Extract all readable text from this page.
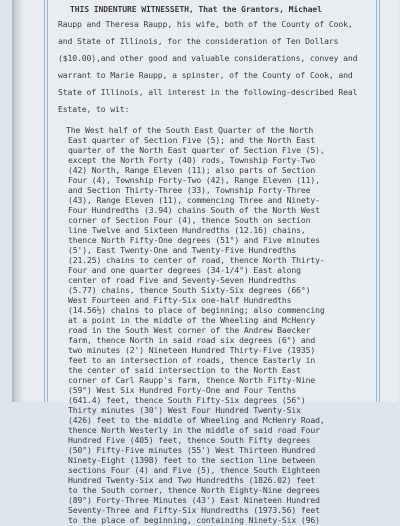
THIS INDENTURE WITNESSETH, That the Grantors, Michael
Raupp and Theresa Raupp, his wife, both of the County of Cook,
and State of Illinois, for the consideration of Ten Dollars
($10.00),and other good and valuable considerations, convey and
warrant to Marie Raupp, a spinster, of the County of Cook, and
State of Illinois, all interest in the following-described Real
Estate, to wit:
The West half of the South East Quarter of the North
East quarter of Section Five (5); and the North East
quarter of the North East quarter of Section Five (5),
except the North Forty (40) rods, Township Forty-Two
(42) North, Range Eleven (11); also parts of Section
Four (4), Township Forty-Two (42), Range Eleven (11),
and Section Thirty-Three (33), Township Forty-Three
(43), Range Eleven (11), commencing Three and Ninety-
Four Hundredths (3.94) chains South of the North West
corner of Section Four (4), thence South on section
line Twelve and Sixteen Hundredths (12.16) chains,
thence North Fifty-One degrees (51°) and Five minutes
(5'), East Twenty-One and Twenty-Five Hundredths
(21.25) chains to center of road, thence North Thirty-
Four and one quarter degrees (34-1/4°) East along
center of road Five and Seventy-Seven Hundredths
(5.77) chains, thence South Sixty-Six degrees (66°)
West Fourteen and Fifty-Six one-half Hundredths
(14.56½) chains to place of beginning; also commencing
at a point in the middle of the Wheeling and McHenry
road in the South West corner of the Andrew Baecker
farm, thence North in said road six degrees (6°) and
two minutes (2') Nineteen Hundred Thirty-Five (1935)
feet to an intersection of roads, thence Easterly in
the center of said intersection to the North East
corner of Carl Raupp's farm, thence North Fifty-Nine
(59°) West Six Hundred Forty-One and Four Tenths
(641.4) feet, thence South Fifty-Six degrees (56°)
Thirty minutes (30') West Four Hundred Twenty-Six
(426) feet to the middle of Wheeling and McHenry Road,
thence North Westerly in the middle of said road Four
Hundred Five (405) feet, thence South Fifty degrees
(50°) Fifty-Five minutes (55') West Thirteen Hundred
Ninety-Eight (1398) feet to the section line between
sections Four (4) and Five (5), thence South Eighteen
Hundred Twenty-Six and Two Hundredths (1826.02) feet
to the South corner, thence North Eighty-Nine degrees
(89°) Forty-Three Minutes (43') East Nineteen Hundred
Seventy-Three and Fifty-Six Hundredths (1973.56) feet
to the place of beginning, containing Ninety-Six (96)
